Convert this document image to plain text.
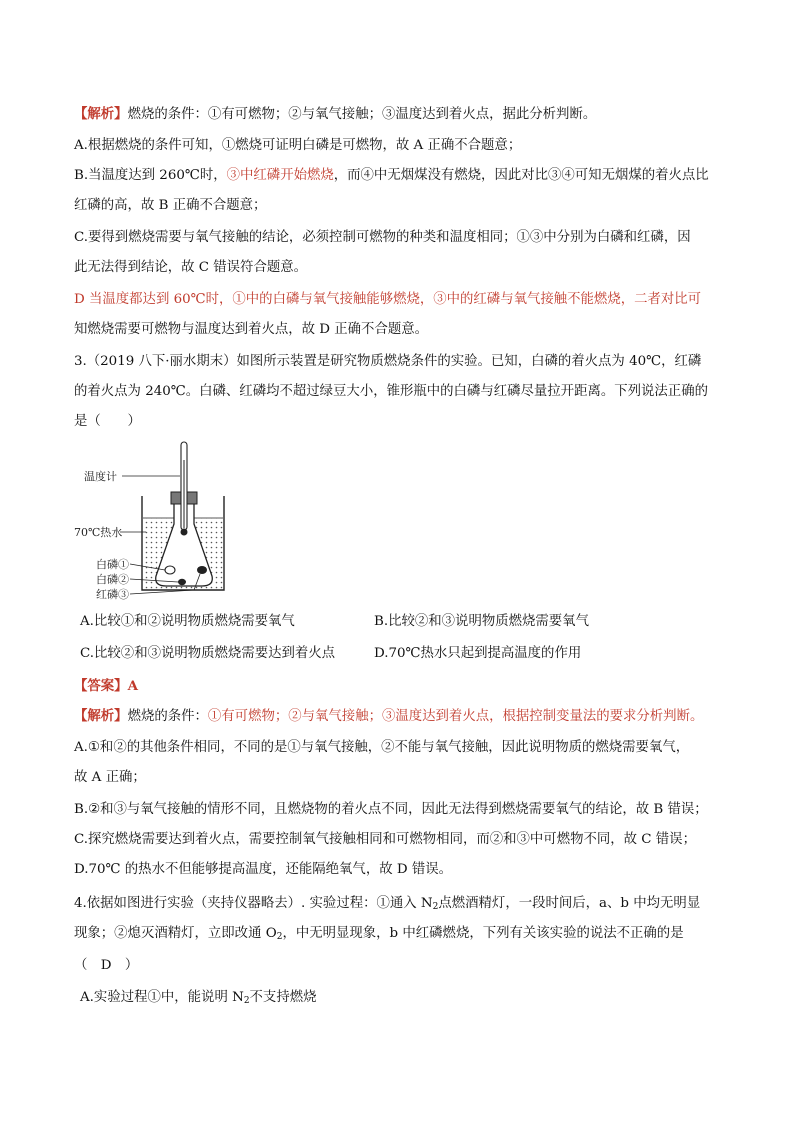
【解析】燃烧的条件：①有可燃物；②与氧气接触；③温度达到着火点，据此分析判断。
A.根据燃烧的条件可知，①燃烧可证明白磷是可燃物，故 A 正确不合题意；
B.当温度达到 260℃时，③中红磷开始燃烧，而④中无烟煤没有燃烧，因此对比③④可知无烟煤的着火点比
红磷的高，故 B 正确不合题意；
C.要得到燃烧需要与氧气接触的结论，必须控制可燃物的种类和温度相同；①③中分别为白磷和红磷，因
此无法得到结论，故 C 错误符合题意。
D 当温度都达到 60℃时，①中的白磷与氧气接触能够燃烧，③中的红磷与氧气接触不能燃烧，二者对比可
知燃烧需要可燃物与温度达到着火点，故 D 正确不合题意。
3.（2019 八下·丽水期末）如图所示装置是研究物质燃烧条件的实验。已知，白磷的着火点为 40℃，红磷
的着火点为 240℃。白磷、红磷均不超过绿豆大小，锥形瓶中的白磷与红磷尽量拉开距离。下列说法正确的
是（　　）
温度计
70℃热水
白磷①
白磷②
红磷③
A.比较①和②说明物质燃烧需要氧气	B.比较②和③说明物质燃烧需要氧气
C.比较②和③说明物质燃烧需要达到着火点	D.70℃热水只起到提高温度的作用
【答案】A
【解析】燃烧的条件：①有可燃物；②与氧气接触；③温度达到着火点，根据控制变量法的要求分析判断。
A.①和②的其他条件相同，不同的是①与氧气接触，②不能与氧气接触，因此说明物质的燃烧需要氧气，
故 A 正确；
B.②和③与氧气接触的情形不同，且燃烧物的着火点不同，因此无法得到燃烧需要氧气的结论，故 B 错误；
C.探究燃烧需要达到着火点，需要控制氧气接触相同和可燃物相同，而②和③中可燃物不同，故 C 错误；
D.70℃ 的热水不但能够提高温度，还能隔绝氧气，故 D 错误。
4.依据如图进行实验（夹持仪器略去）. 实验过程：①通入 $N_2$点燃酒精灯，一段时间后，a、b 中均无明显
现象；②熄灭酒精灯，立即改通 $O_2$，中无明显现象，b 中红磷燃烧，下列有关该实验的说法不正确的是
（　D　）
A.实验过程①中，能说明 $N_2$不支持燃烧
